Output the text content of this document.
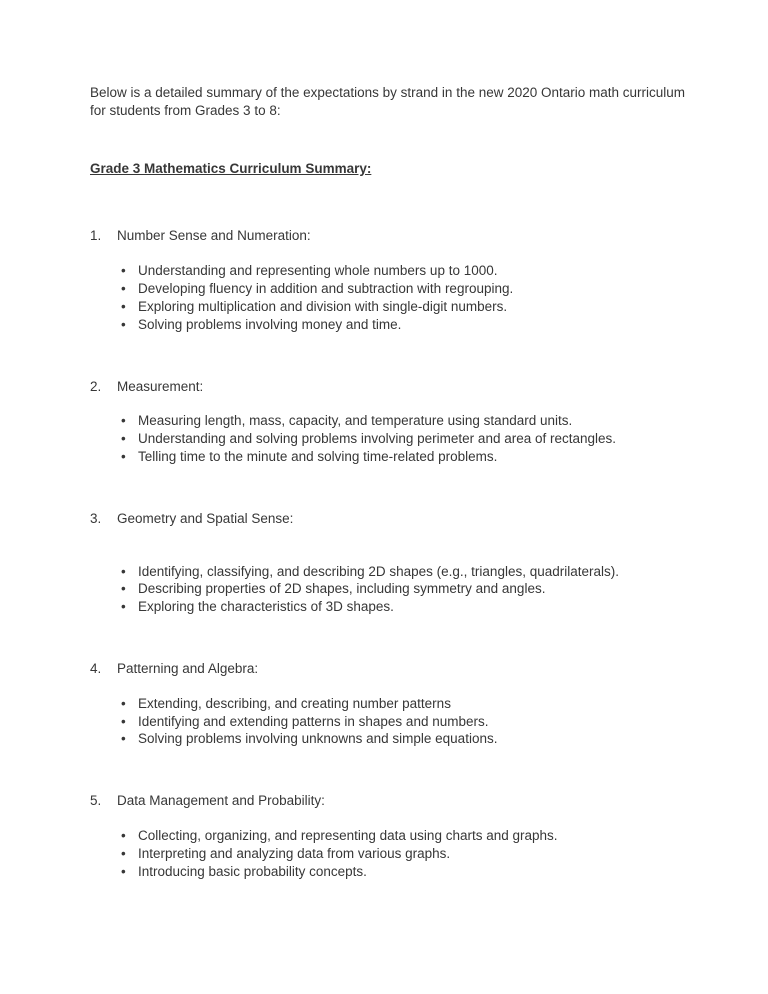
Below is a detailed summary of the expectations by strand in the new 2020 Ontario math curriculum for students from Grades 3 to 8:

Grade 3 Mathematics Curriculum Summary:
1.	Number Sense and Numeration:
• Understanding and representing whole numbers up to 1000.
• Developing fluency in addition and subtraction with regrouping.
• Exploring multiplication and division with single-digit numbers.
• Solving problems involving money and time.
2.	Measurement:
• Measuring length, mass, capacity, and temperature using standard units.
• Understanding and solving problems involving perimeter and area of rectangles.
• Telling time to the minute and solving time-related problems.
3.	Geometry and Spatial Sense:
• Identifying, classifying, and describing 2D shapes (e.g., triangles, quadrilaterals).
• Describing properties of 2D shapes, including symmetry and angles.
• Exploring the characteristics of 3D shapes.
4.	Patterning and Algebra:
• Extending, describing, and creating number patterns
• Identifying and extending patterns in shapes and numbers.
• Solving problems involving unknowns and simple equations.
5.	Data Management and Probability:
• Collecting, organizing, and representing data using charts and graphs.
• Interpreting and analyzing data from various graphs.
• Introducing basic probability concepts.
